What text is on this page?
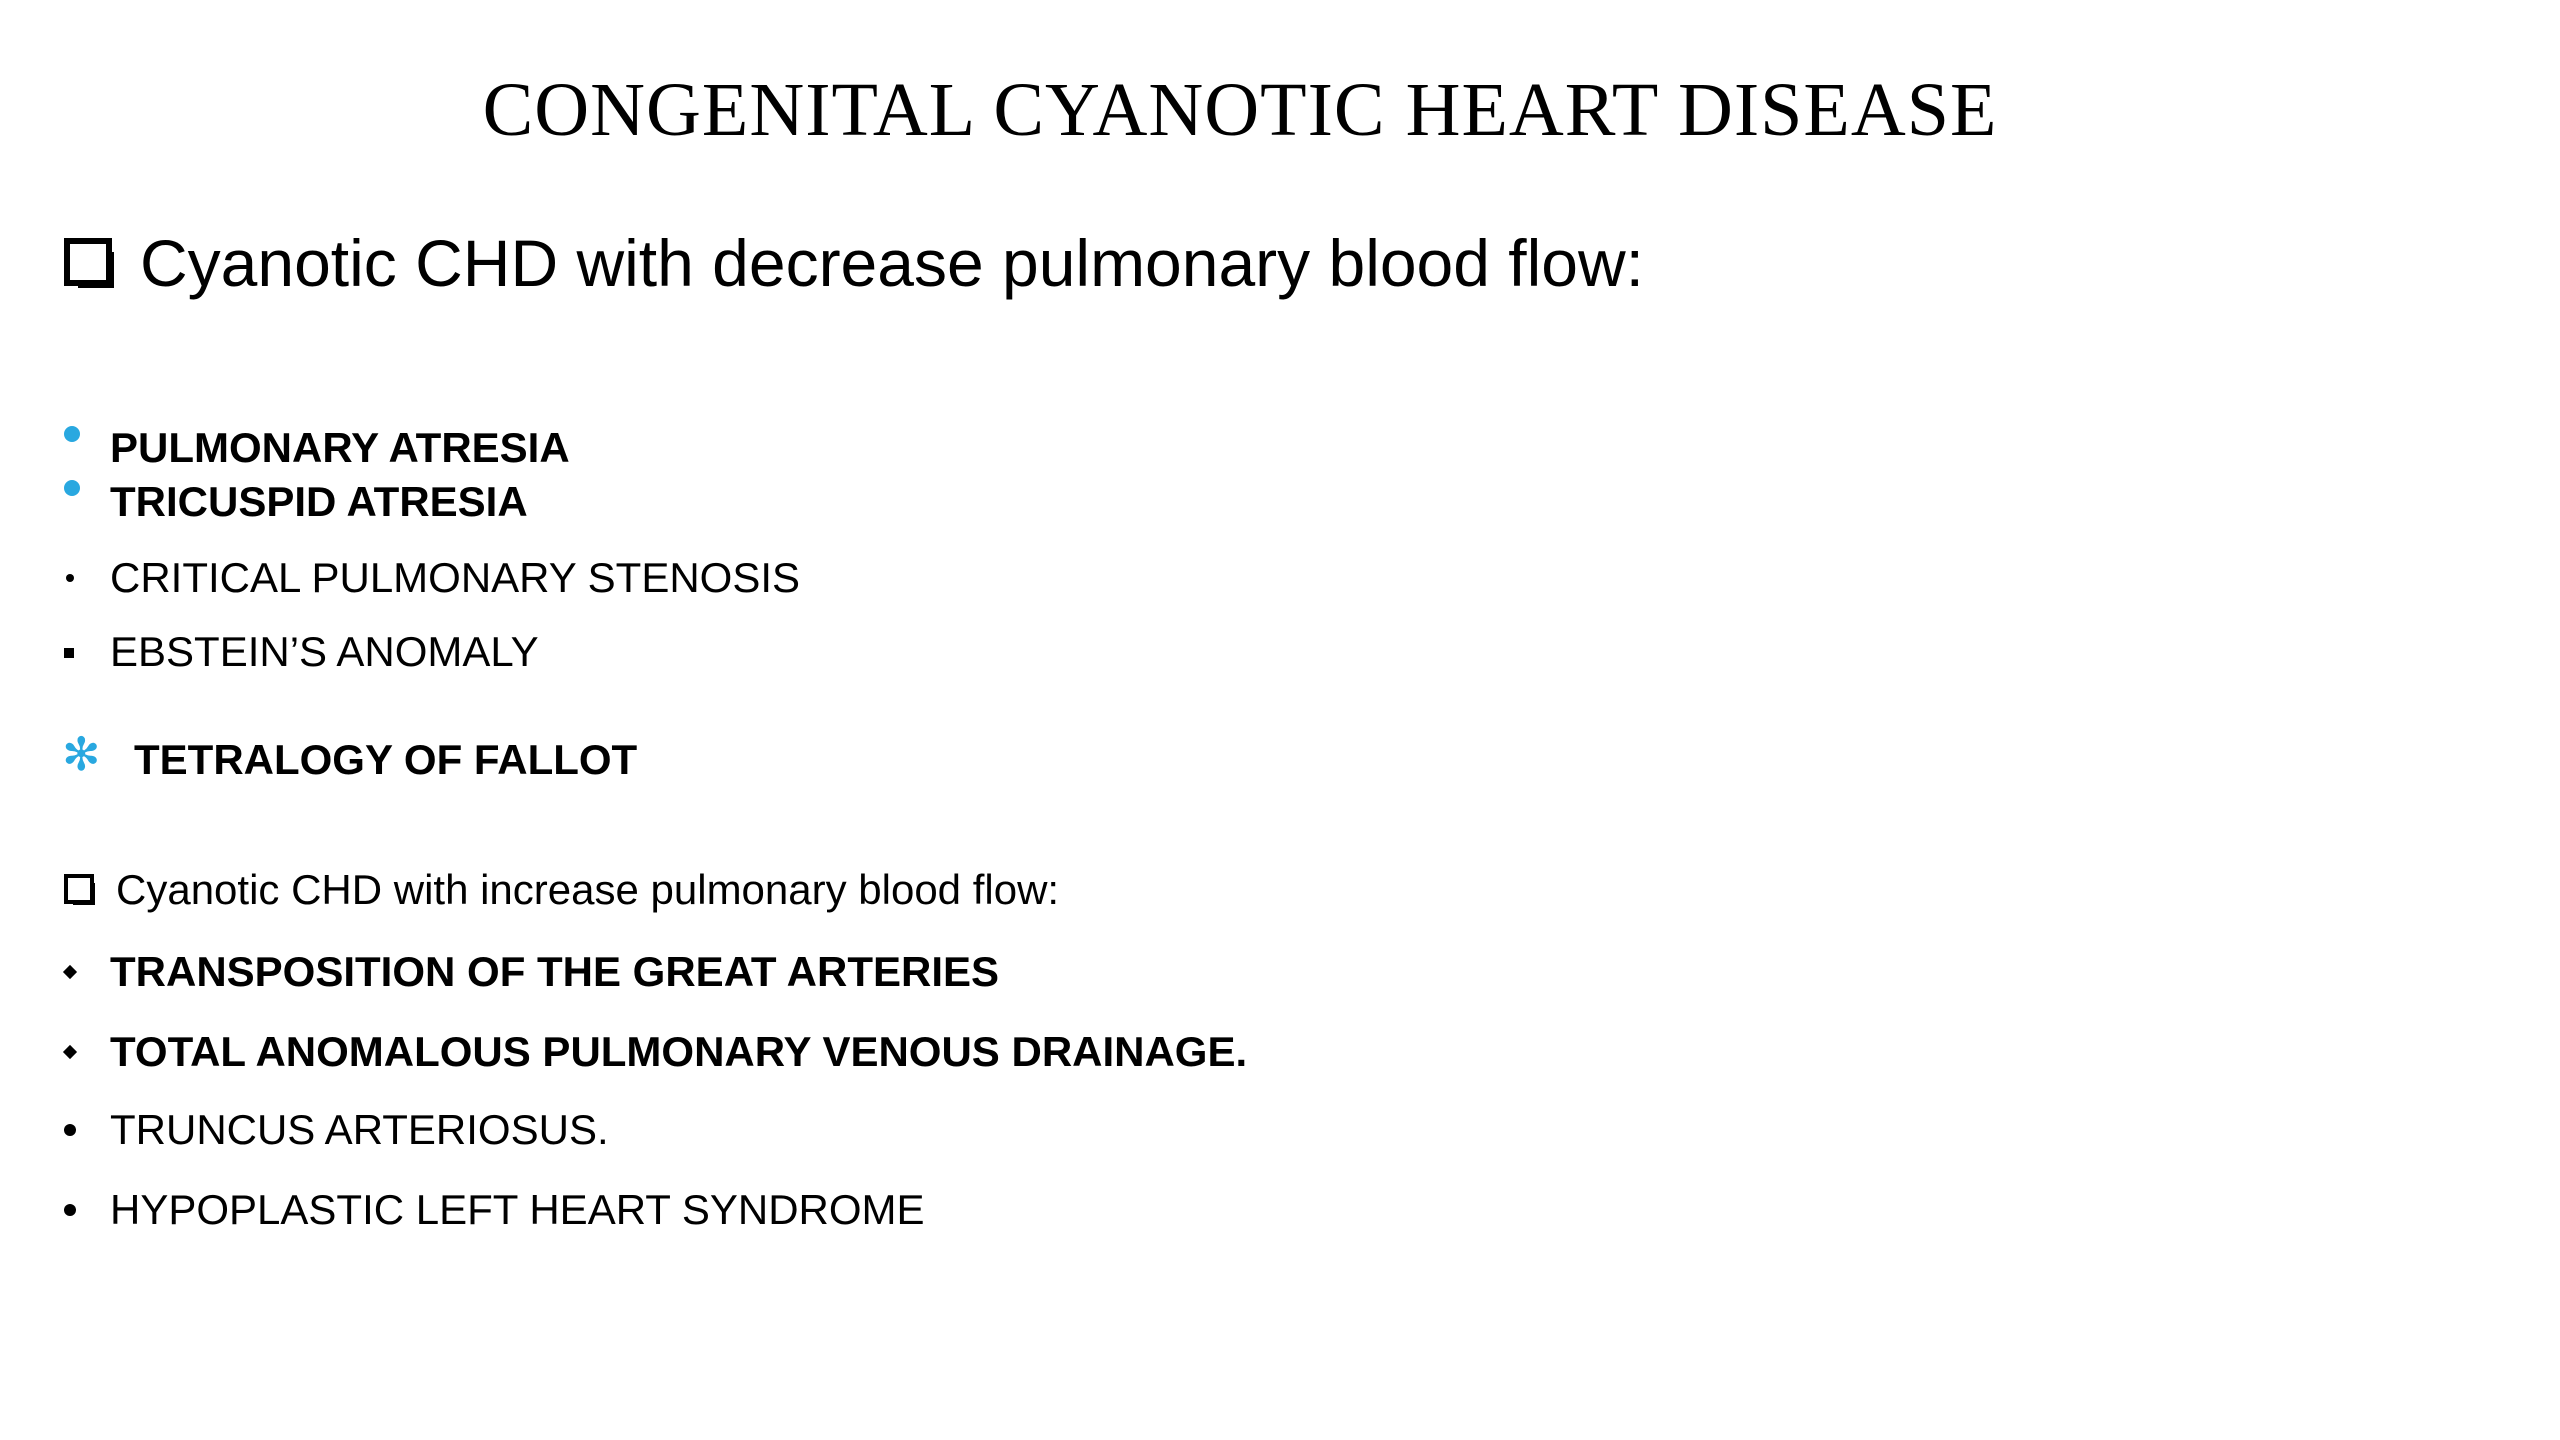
CONGENITAL CYANOTIC HEART DISEASE
Cyanotic CHD with decrease pulmonary blood flow:
PULMONARY ATRESIA
TRICUSPID ATRESIA
CRITICAL PULMONARY STENOSIS
EBSTEIN’S ANOMALY
✻ TETRALOGY OF FALLOT
Cyanotic CHD with increase pulmonary blood flow:
TRANSPOSITION OF THE GREAT ARTERIES
TOTAL ANOMALOUS PULMONARY VENOUS DRAINAGE.
TRUNCUS ARTERIOSUS.
HYPOPLASTIC LEFT HEART SYNDROME
